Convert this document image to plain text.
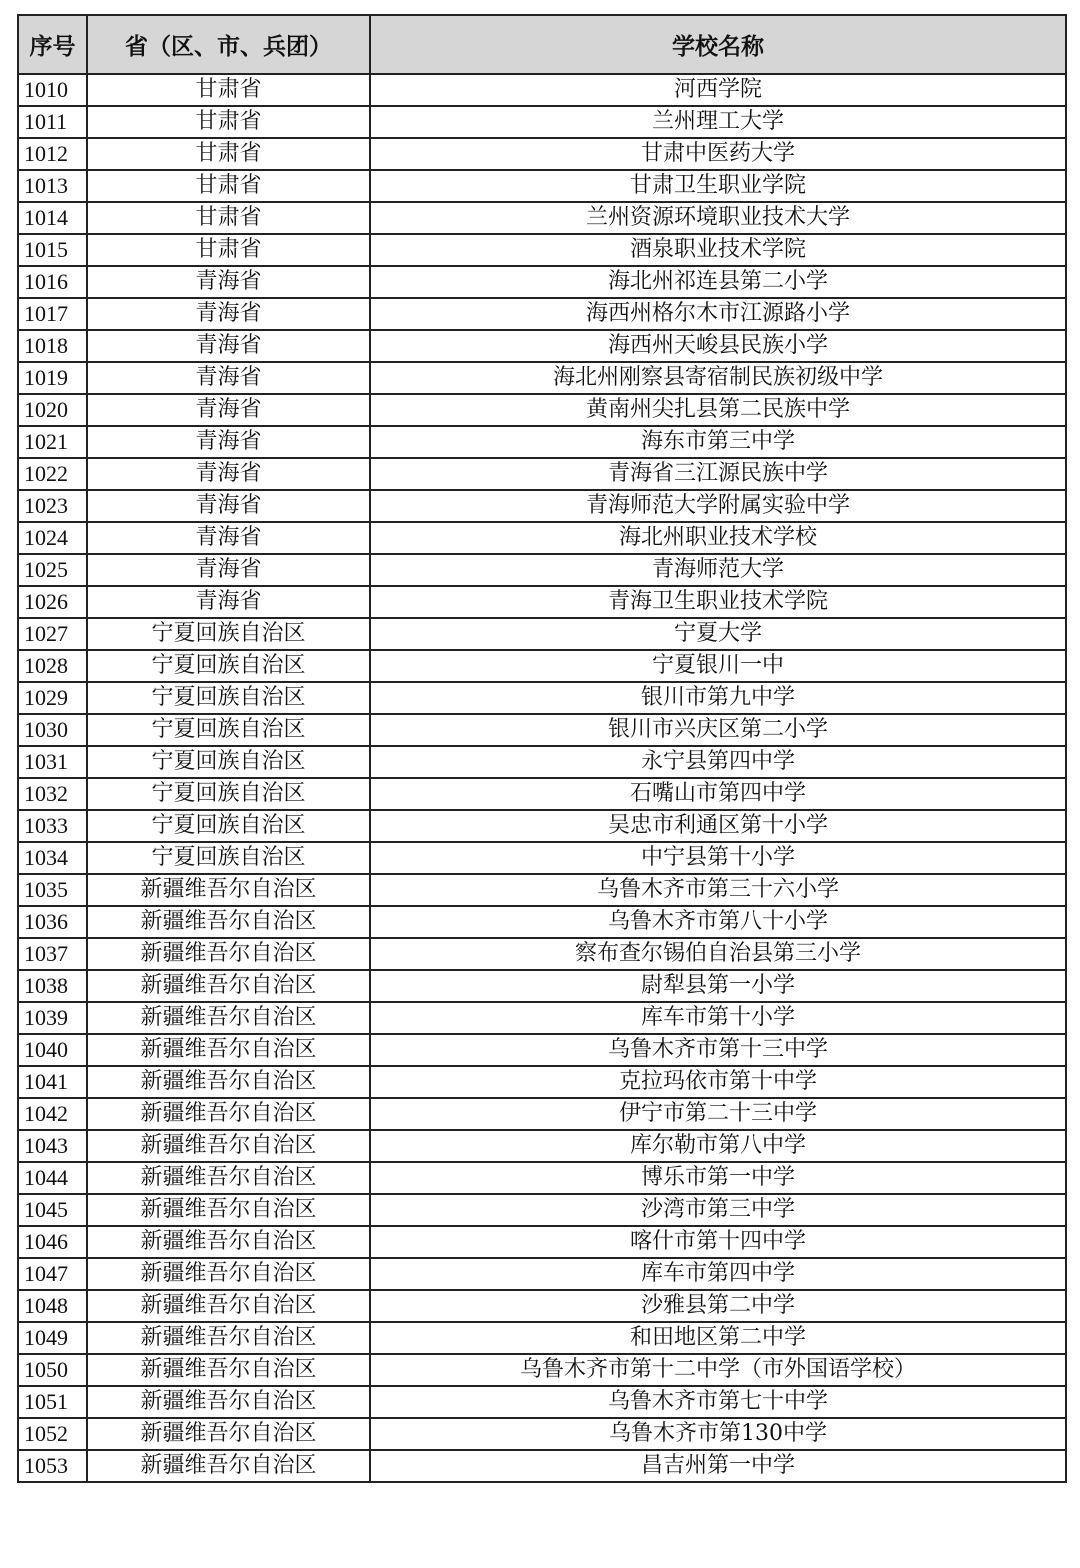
序号	省（区、市、兵团）	学校名称
1010	甘肃省	河西学院
1011	甘肃省	兰州理工大学
1012	甘肃省	甘肃中医药大学
1013	甘肃省	甘肃卫生职业学院
1014	甘肃省	兰州资源环境职业技术大学
1015	甘肃省	酒泉职业技术学院
1016	青海省	海北州祁连县第二小学
1017	青海省	海西州格尔木市江源路小学
1018	青海省	海西州天峻县民族小学
1019	青海省	海北州刚察县寄宿制民族初级中学
1020	青海省	黄南州尖扎县第二民族中学
1021	青海省	海东市第三中学
1022	青海省	青海省三江源民族中学
1023	青海省	青海师范大学附属实验中学
1024	青海省	海北州职业技术学校
1025	青海省	青海师范大学
1026	青海省	青海卫生职业技术学院
1027	宁夏回族自治区	宁夏大学
1028	宁夏回族自治区	宁夏银川一中
1029	宁夏回族自治区	银川市第九中学
1030	宁夏回族自治区	银川市兴庆区第二小学
1031	宁夏回族自治区	永宁县第四中学
1032	宁夏回族自治区	石嘴山市第四中学
1033	宁夏回族自治区	吴忠市利通区第十小学
1034	宁夏回族自治区	中宁县第十小学
1035	新疆维吾尔自治区	乌鲁木齐市第三十六小学
1036	新疆维吾尔自治区	乌鲁木齐市第八十小学
1037	新疆维吾尔自治区	察布查尔锡伯自治县第三小学
1038	新疆维吾尔自治区	尉犁县第一小学
1039	新疆维吾尔自治区	库车市第十小学
1040	新疆维吾尔自治区	乌鲁木齐市第十三中学
1041	新疆维吾尔自治区	克拉玛依市第十中学
1042	新疆维吾尔自治区	伊宁市第二十三中学
1043	新疆维吾尔自治区	库尔勒市第八中学
1044	新疆维吾尔自治区	博乐市第一中学
1045	新疆维吾尔自治区	沙湾市第三中学
1046	新疆维吾尔自治区	喀什市第十四中学
1047	新疆维吾尔自治区	库车市第四中学
1048	新疆维吾尔自治区	沙雅县第二中学
1049	新疆维吾尔自治区	和田地区第二中学
1050	新疆维吾尔自治区	乌鲁木齐市第十二中学（市外国语学校）
1051	新疆维吾尔自治区	乌鲁木齐市第七十中学
1052	新疆维吾尔自治区	乌鲁木齐市第130中学
1053	新疆维吾尔自治区	昌吉州第一中学
